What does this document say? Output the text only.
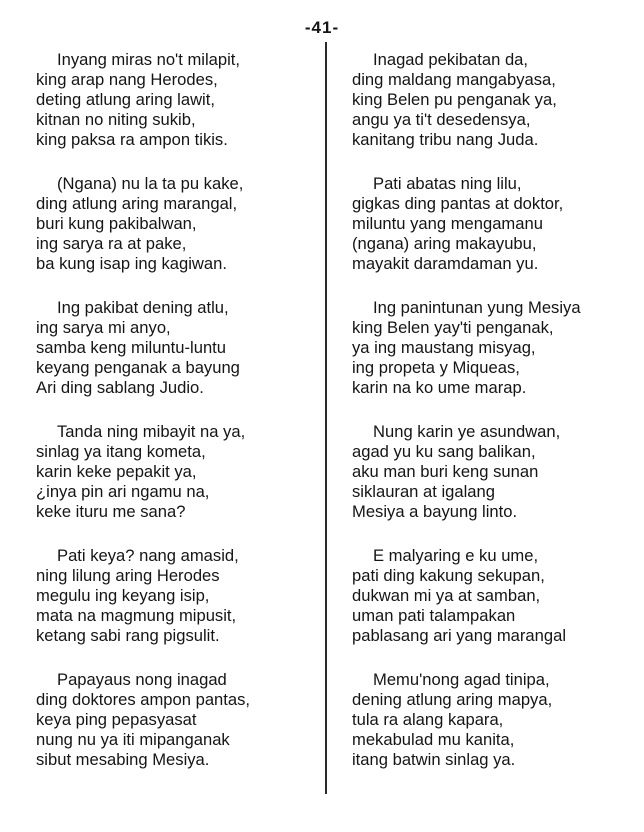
-41-
Inyang miras no't milapit,
king arap nang Herodes,
deting atlung aring lawit,
kitnan no niting sukib,
king paksa ra ampon tikis.
(Ngana) nu la ta pu kake,
ding atlung aring marangal,
buri kung pakibalwan,
ing sarya ra at pake,
ba kung isap ing kagiwan.
Ing pakibat dening atlu,
ing sarya mi anyo,
samba keng miluntu-luntu
keyang penganak a bayung
Ari ding sablang Judio.
Tanda ning mibayit na ya,
sinlag ya itang kometa,
karin keke pepakit ya,
¿inya pin ari ngamu na,
keke ituru me sana?
Pati keya? nang amasid,
ning lilung aring Herodes
megulu ing keyang isip,
mata na magmung mipusit,
ketang sabi rang pigsulit.
Papayaus nong inagad
ding doktores ampon pantas,
keya ping pepasyasat
nung nu ya iti mipanganak
sibut mesabing Mesiya.
Inagad pekibatan da,
ding maldang mangabyasa,
king Belen pu penganak ya,
angu ya ti't desedensya,
kanitang tribu nang Juda.
Pati abatas ning lilu,
gigkas ding pantas at doktor,
miluntu yang mengamanu
(ngana) aring makayubu,
mayakit daramdaman yu.
Ing panintunan yung Mesiya
king Belen yay'ti penganak,
ya ing maustang misyag,
ing propeta y Miqueas,
karin na ko ume marap.
Nung karin ye asundwan,
agad yu ku sang balikan,
aku man buri keng sunan
siklauran at igalang
Mesiya a bayung linto.
E malyaring e ku ume,
pati ding kakung sekupan,
dukwan mi ya at samban,
uman pati talampakan
pablasang ari yang marangal
Memu'nong agad tinipa,
dening atlung aring mapya,
tula ra alang kapara,
mekabulad mu kanita,
itang batwin sinlag ya.
